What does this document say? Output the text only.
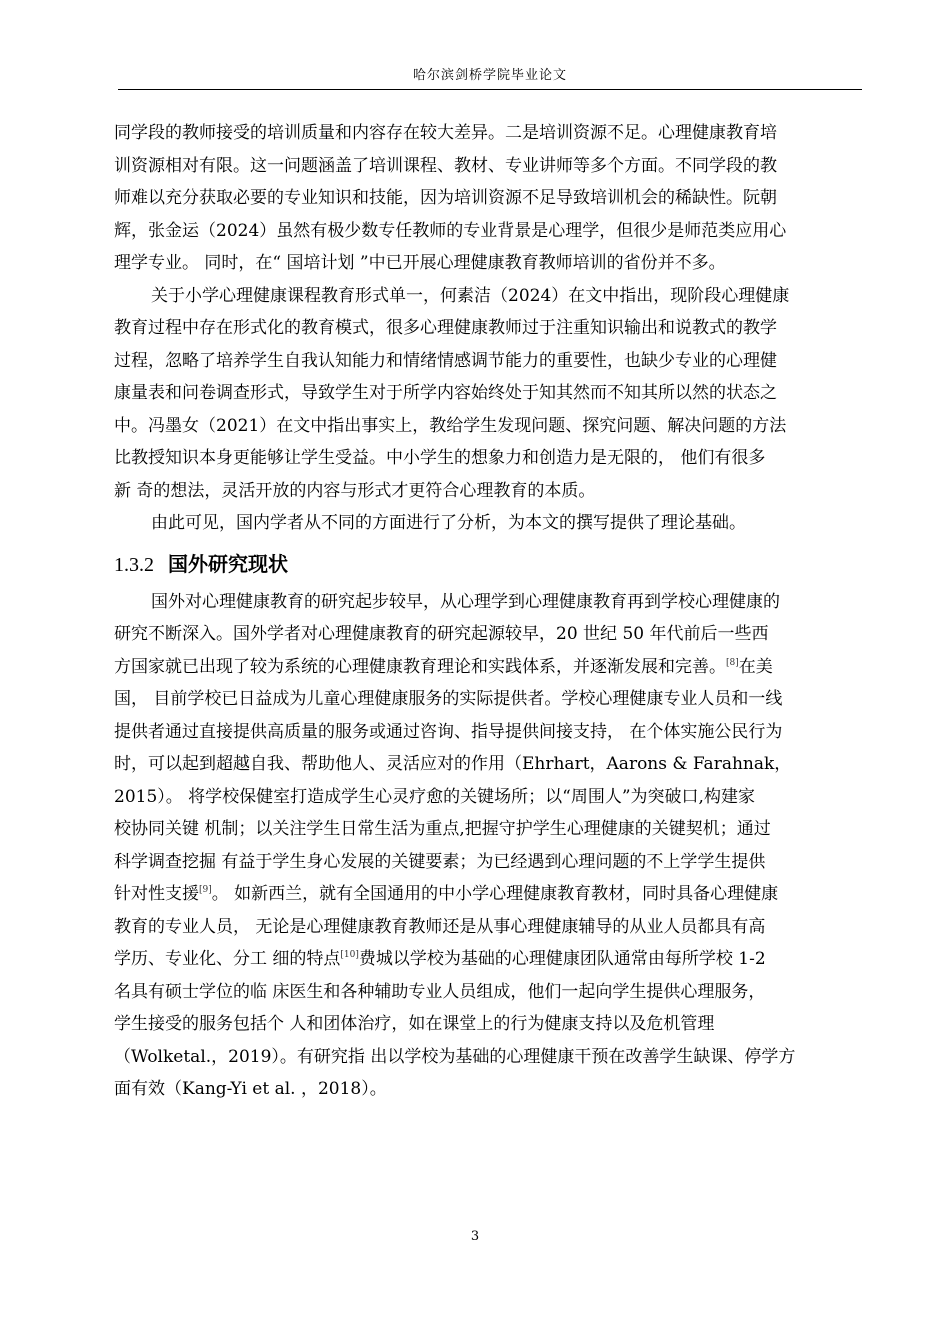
哈尔滨剑桥学院毕业论文
同学段的教师接受的培训质量和内容存在较大差异。二是培训资源不足。心理健康教育培
训资源相对有限。这一问题涵盖了培训课程、教材、专业讲师等多个方面。不同学段的教
师难以充分获取必要的专业知识和技能，因为培训资源不足导致培训机会的稀缺性。阮朝
辉，张金运（2024）虽然有极少数专任教师的专业背景是心理学，但很少是师范类应用心
理学专业。 同时，在“ 国培计划 ”中已开展心理健康教育教师培训的省份并不多。
关于小学心理健康课程教育形式单一，何素洁（2024）在文中指出，现阶段心理健康
教育过程中存在形式化的教育模式，很多心理健康教师过于注重知识输出和说教式的教学
过程，忽略了培养学生自我认知能力和情绪情感调节能力的重要性，也缺少专业的心理健
康量表和问卷调查形式，导致学生对于所学内容始终处于知其然而不知其所以然的状态之
中。冯墨女（2021）在文中指出事实上，教给学生发现问题、探究问题、解决问题的方法
比教授知识本身更能够让学生受益。中小学生的想象力和创造力是无限的， 他们有很多
新 奇的想法，灵活开放的内容与形式才更符合心理教育的本质。
由此可见，国内学者从不同的方面进行了分析，为本文的撰写提供了理论基础。
1.3.2 国外研究现状
国外对心理健康教育的研究起步较早，从心理学到心理健康教育再到学校心理健康的
研究不断深入。国外学者对心理健康教育的研究起源较早，20 世纪 50 年代前后一些西
方国家就已出现了较为系统的心理健康教育理论和实践体系，并逐渐发展和完善。[8]在美
国， 目前学校已日益成为儿童心理健康服务的实际提供者。学校心理健康专业人员和一线
提供者通过直接提供高质量的服务或通过咨询、指导提供间接支持， 在个体实施公民行为
时，可以起到超越自我、帮助他人、灵活应对的作用（Ehrhart，Aarons & Farahnak，
2015）。 将学校保健室打造成学生心灵疗愈的关键场所；以“周围人”为突破口,构建家
校协同关键 机制；以关注学生日常生活为重点,把握守护学生心理健康的关键契机；通过
科学调查挖掘 有益于学生身心发展的关键要素；为已经遇到心理问题的不上学学生提供
针对性支援[9]。 如新西兰，就有全国通用的中小学心理健康教育教材，同时具备心理健康
教育的专业人员， 无论是心理健康教育教师还是从事心理健康辅导的从业人员都具有高
学历、专业化、分工 细的特点[10]费城以学校为基础的心理健康团队通常由每所学校 1-2
名具有硕士学位的临 床医生和各种辅助专业人员组成，他们一起向学生提供心理服务，
学生接受的服务包括个 人和团体治疗，如在课堂上的行为健康支持以及危机管理
（Wolketal.，2019）。有研究指 出以学校为基础的心理健康干预在改善学生缺课、停学方
面有效（Kang-Yi et al. ，2018）。
3
